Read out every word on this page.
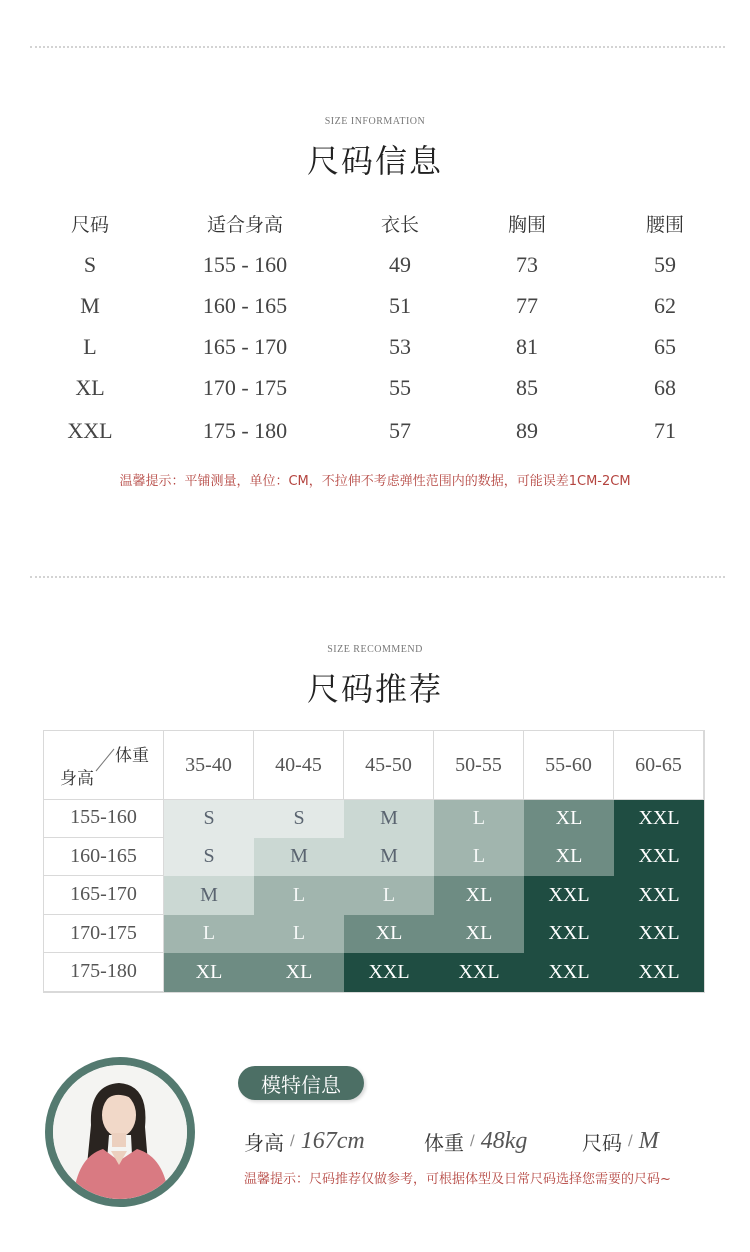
SIZE INFORMATION
尺码信息
尺码	适合身高	衣长	胸围	腰围
S	155 - 160	49	73	59
M	160 - 165	51	77	62
L	165 - 170	53	81	65
XL	170 - 175	55	85	68
XXL	175 - 180	57	89	71
温馨提示：平铺测量，单位：CM，不拉伸不考虑弹性范围内的数据，可能误差1CM-2CM
SIZE RECOMMEND
尺码推荐
体重
身高
35-40	40-45	45-50	50-55	55-60	60-65
155-160	S	S	M	L	XL	XXL
160-165	S	M	M	L	XL	XXL
165-170	M	L	L	XL	XXL	XXL
170-175	L	L	XL	XL	XXL	XXL
175-180	XL	XL	XXL	XXL	XXL	XXL
模特信息
身高 / 167cm	体重 / 48kg	尺码 / M
温馨提示：尺码推荐仅做参考，可根据体型及日常尺码选择您需要的尺码~
